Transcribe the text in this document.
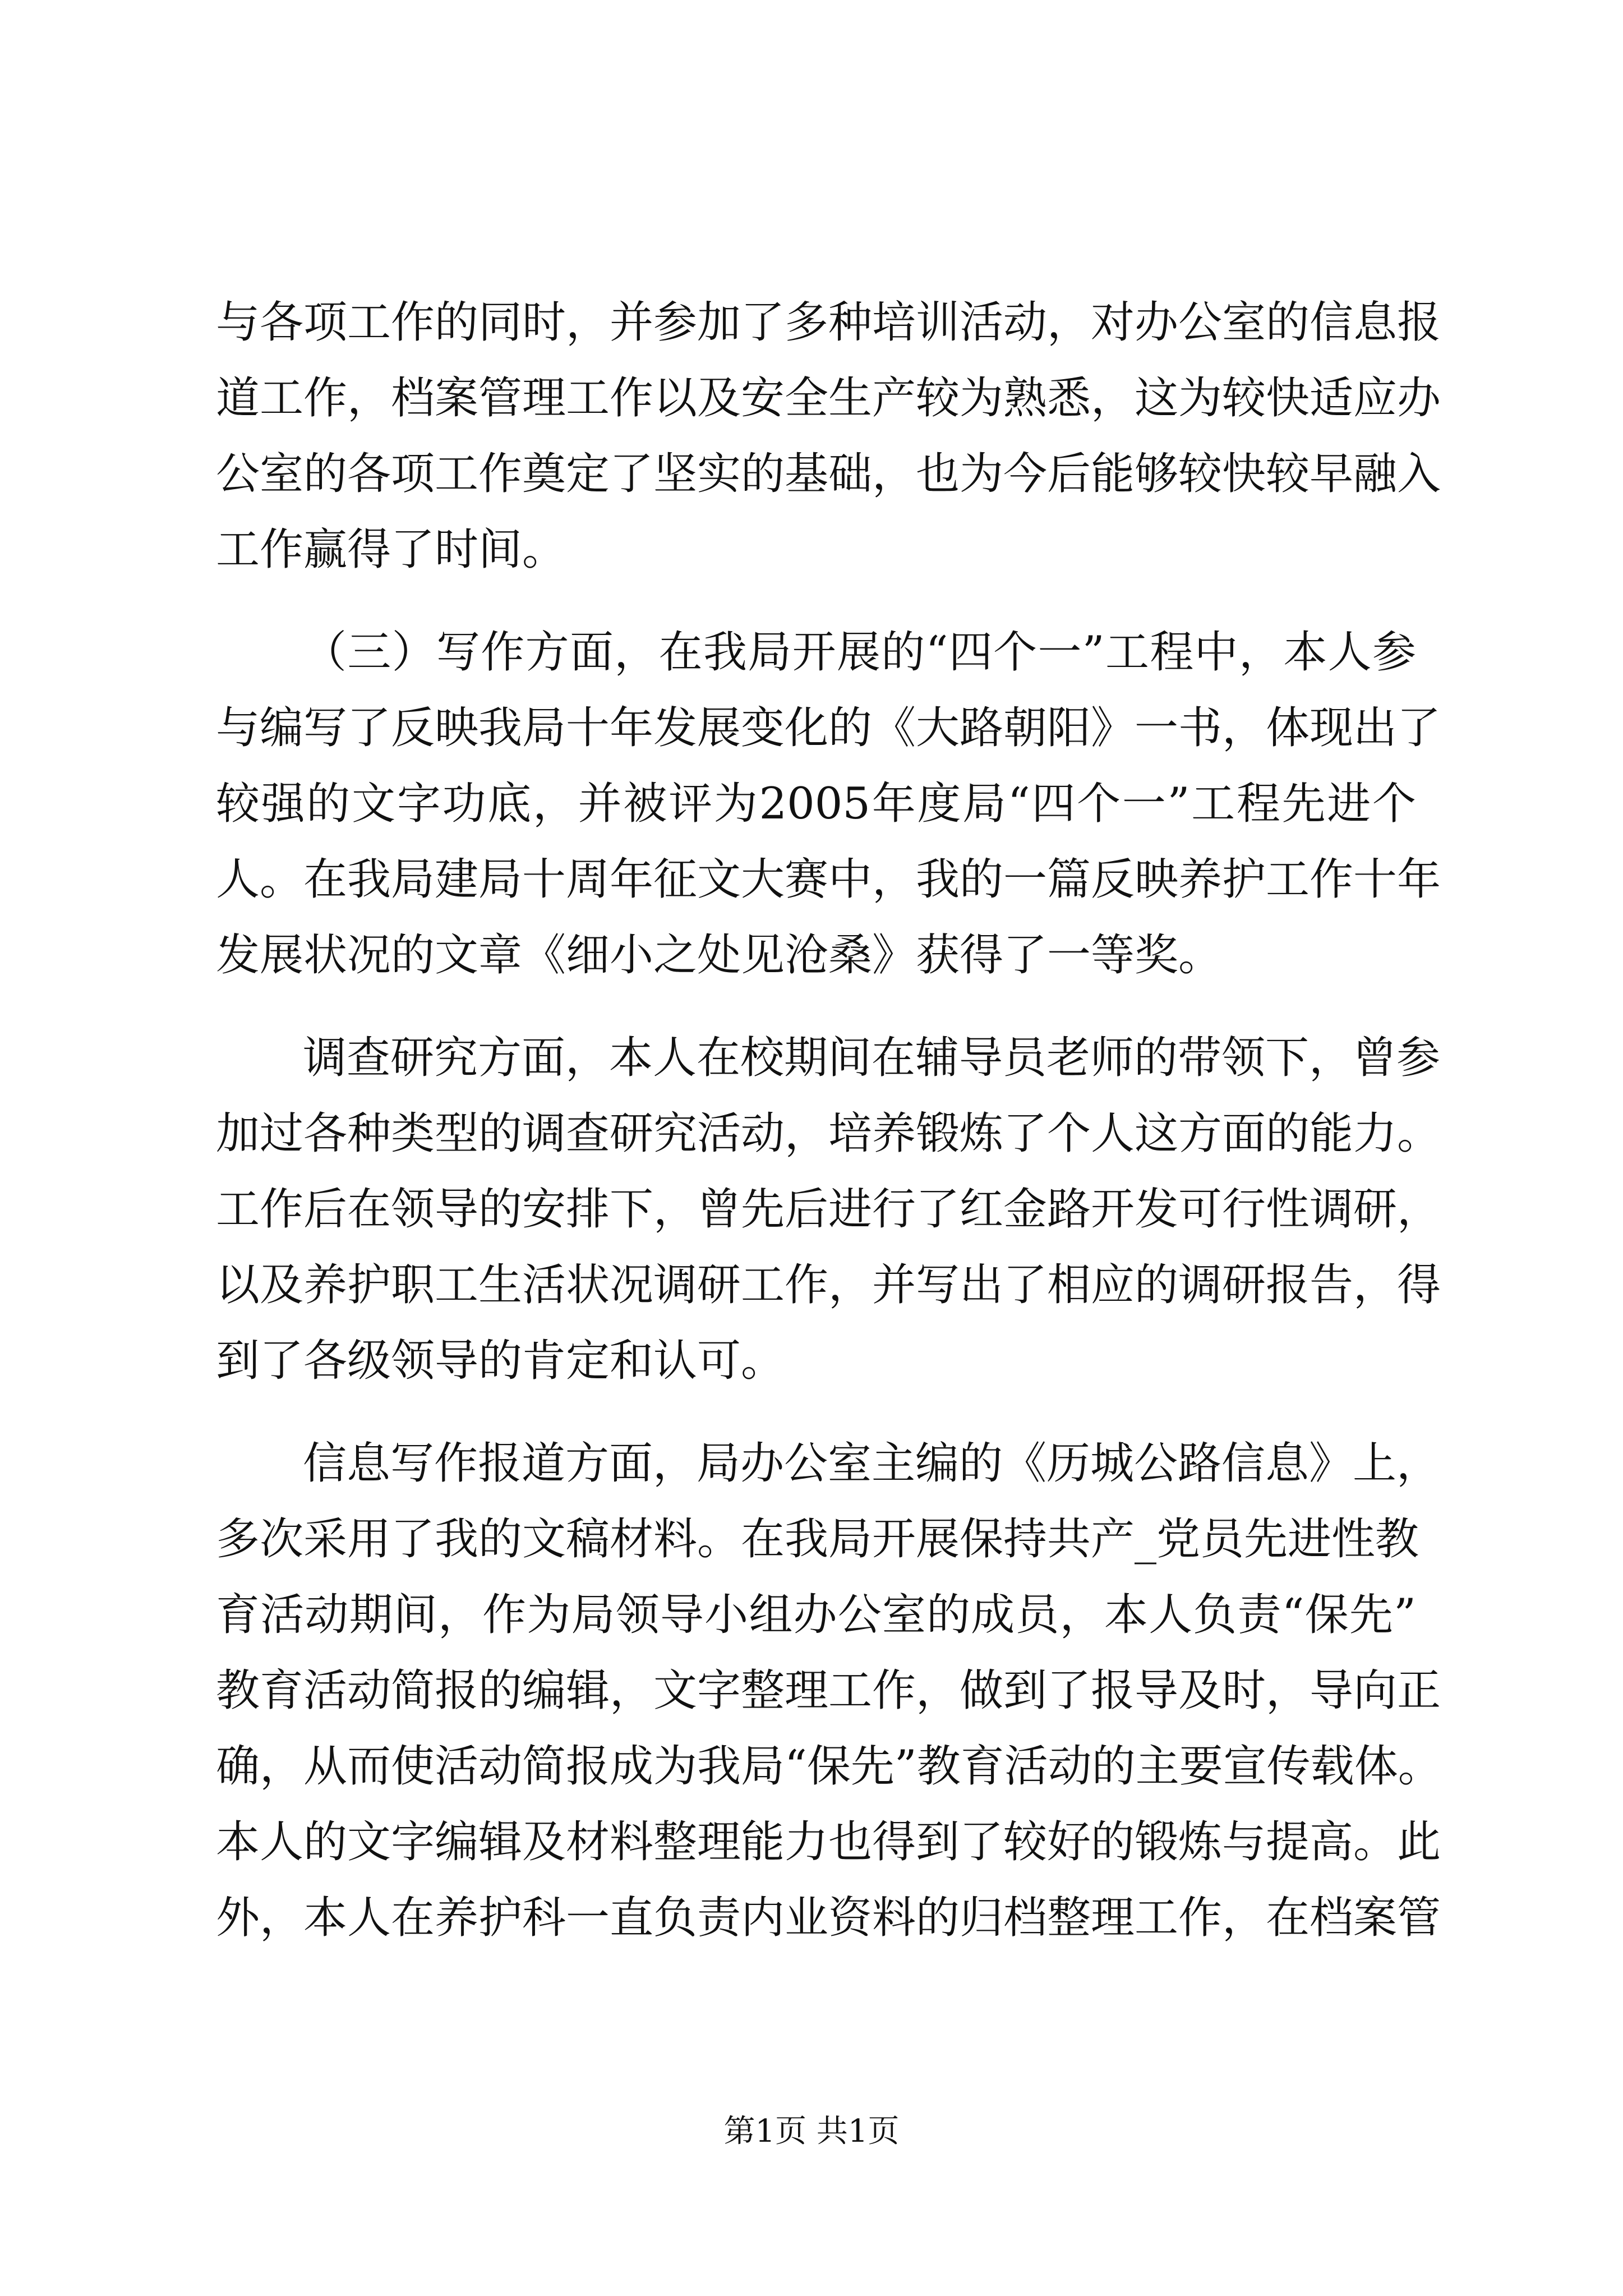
与各项工作的同时，并参加了多种培训活动，对办公室的信息报
道工作，档案管理工作以及安全生产较为熟悉，这为较快适应办
公室的各项工作奠定了坚实的基础，也为今后能够较快较早融入
工作赢得了时间。
（三）写作方面，在我局开展的“四个一”工程中，本人参
与编写了反映我局十年发展变化的《大路朝阳》一书，体现出了
较强的文字功底，并被评为2005年度局“四个一”工程先进个
人。在我局建局十周年征文大赛中，我的一篇反映养护工作十年
发展状况的文章《细小之处见沧桑》获得了一等奖。
调查研究方面，本人在校期间在辅导员老师的带领下，曾参
加过各种类型的调查研究活动，培养锻炼了个人这方面的能力。
工作后在领导的安排下，曾先后进行了红金路开发可行性调研，
以及养护职工生活状况调研工作，并写出了相应的调研报告，得
到了各级领导的肯定和认可。
信息写作报道方面，局办公室主编的《历城公路信息》上，
多次采用了我的文稿材料。在我局开展保持共产_党员先进性教
育活动期间，作为局领导小组办公室的成员，本人负责“保先”
教育活动简报的编辑，文字整理工作，做到了报导及时，导向正
确，从而使活动简报成为我局“保先”教育活动的主要宣传载体。
本人的文字编辑及材料整理能力也得到了较好的锻炼与提高。此
外，本人在养护科一直负责内业资料的归档整理工作，在档案管
第1页 共1页
